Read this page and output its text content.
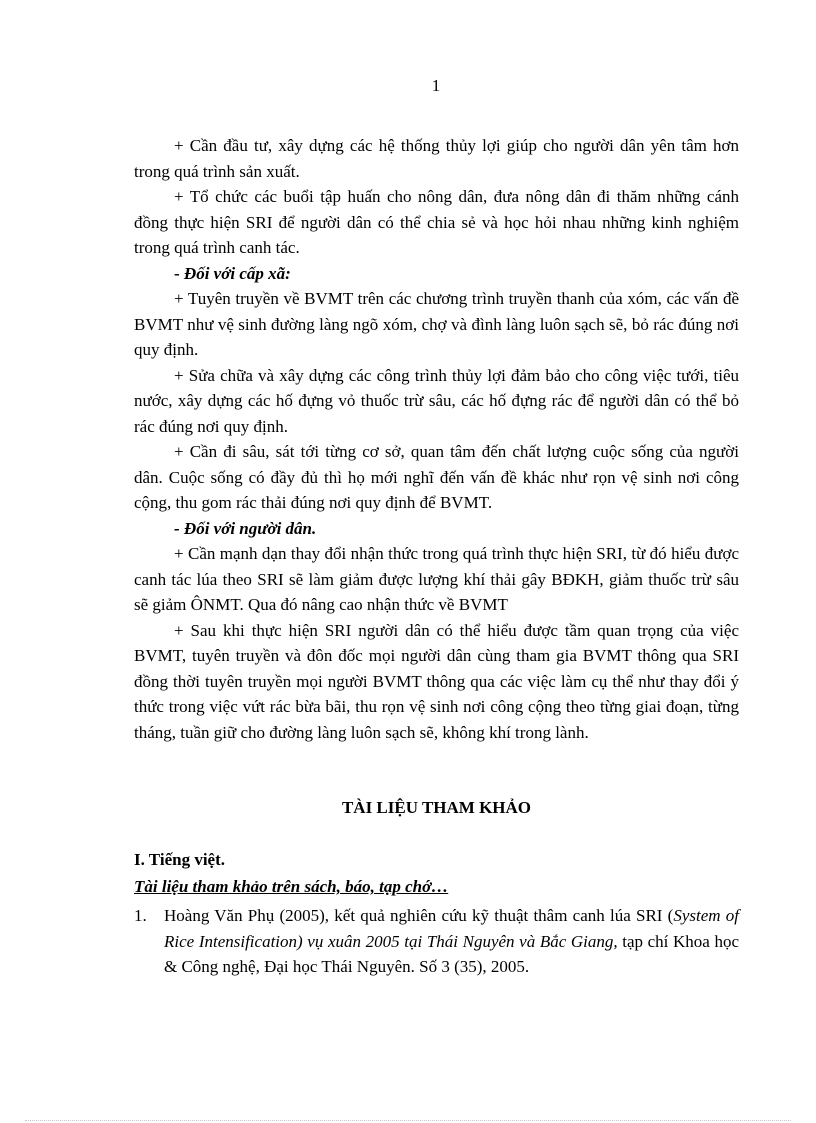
1

+ Cần đầu tư, xây dựng các hệ thống thủy lợi giúp cho người dân yên tâm hơn trong quá trình sản xuất.

+ Tổ chức các buổi tập huấn cho nông dân, đưa nông dân đi thăm những cánh đồng thực hiện SRI để người dân có thể chia sẻ và học hỏi nhau những kinh nghiệm trong quá trình canh tác.

- Đối với cấp xã:

+ Tuyên truyền về BVMT trên các chương trình truyền thanh của xóm, các vấn đề BVMT như vệ sinh đường làng ngõ xóm, chợ và đình làng luôn sạch sẽ, bỏ rác đúng nơi quy định.

+ Sửa chữa và xây dựng các công trình thủy lợi đảm bảo cho công việc tưới, tiêu nước, xây dựng các hố đựng vỏ thuốc trừ sâu, các hố đựng rác để người dân có thể bỏ rác đúng nơi quy định.

+ Cần đi sâu, sát tới từng cơ sở, quan tâm đến chất lượng cuộc sống của người dân. Cuộc sống có đầy đủ thì họ mới nghĩ đến vấn đề khác như rọn vệ sinh nơi công cộng, thu gom rác thải đúng nơi quy định để BVMT.

- Đối với người dân.

+ Cần mạnh dạn thay đổi nhận thức trong quá trình thực hiện SRI, từ đó hiểu được canh tác lúa theo SRI sẽ làm giảm được lượng khí thải gây BĐKH, giảm thuốc trừ sâu sẽ giảm ÔNMT. Qua đó nâng cao nhận thức về BVMT

+ Sau khi thực hiện SRI người dân có thể hiểu được tầm quan trọng của việc BVMT, tuyên truyền và đôn đốc mọi người dân cùng tham gia BVMT thông qua SRI đồng thời tuyên truyền mọi người BVMT thông qua các việc làm cụ thể như thay đổi ý thức trong việc vứt rác bừa bãi, thu rọn vệ sinh nơi công cộng theo từng giai đoạn, từng tháng, tuần giữ cho đường làng luôn sạch sẽ, không khí trong lành.

TÀI LIỆU THAM KHẢO
I. Tiếng việt.
Tài liệu tham khảo trên sách, báo, tạp chớ…
1.	Hoàng Văn Phụ (2005), kết quả nghiên cứu kỹ thuật thâm canh lúa SRI (System of Rice Intensification) vụ xuân 2005 tại Thái Nguyên và Bắc Giang, tạp chí Khoa học & Công nghệ, Đại học Thái Nguyên. Số 3 (35), 2005.
